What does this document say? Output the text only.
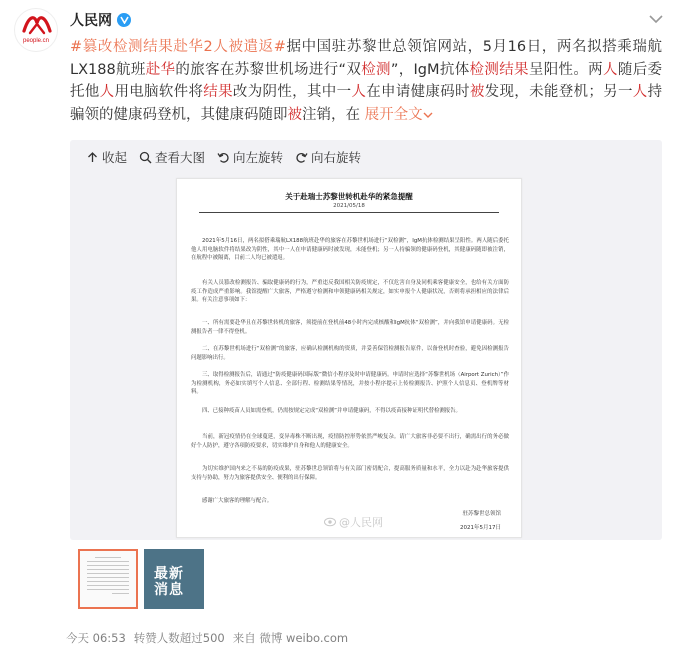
people.cn
人民网
#篡改检测结果赴华2人被遣返#据中国驻苏黎世总领馆网站，5月16日，两名拟搭乘瑞航LX188航班赴华的旅客在苏黎世机场进行“双检测”，IgM抗体检测结果呈阳性。两人随后委托他人用电脑软件将结果改为阴性，其中一人在申请健康码时被发现，未能登机；另一人持骗领的健康码登机，其健康码随即被注销，在 展开全文
收起 查看大图 向左旋转 向右旋转
关于赴瑞士苏黎世转机赴华的紧急提醒
2021/05/18

2021年5月16日，两名拟搭乘瑞航LX188航班赴华的旅客在苏黎世机场进行“双检测”，IgM抗体检测结果呈阳性。两人随后委托他人用电脑软件将结果改为阴性，其中一人在申请健康码时被发现，未能登机；另一人持骗领的健康码登机，其健康码随即被注销，在航程中被隔离，目前二人均已被遣返。

有关人员篡改检测报告、骗取健康码的行为，严重违反我国相关防疫规定，不仅危害自身及同机乘客健康安全，也给有关方面防疫工作造成严重影响。我馆提醒广大旅客，严格遵守检测和申领健康码相关规定，如实申报个人健康状况，否则将承担相应的法律后果。有关注意事项如下：

一、所有需要赴华且在苏黎世转机的旅客，须提前在登机前48小时内完成核酸和IgM抗体“双检测”，并向我馆申请健康码。无检测报告者一律不得登机。

二、在苏黎世机场进行“双检测”的旅客，应确认检测机构的资质，并妥善保管检测报告原件，以备登机时查验，避免因检测报告问题影响出行。

三、取得检测报告后，请通过“防疫健康码国际版”微信小程序及时申请健康码。申请时应选择“苏黎世机场（Airport Zurich）”作为检测机构，务必如实填写个人信息、全部行程、检测结果等情况，并按小程序提示上传检测报告、护照个人信息页、登机牌等材料。

四、已接种疫苗人员如需登机，仍需按规定完成“双检测”并申请健康码，不得以疫苗接种证明代替检测报告。

当前，新冠疫情仍在全球蔓延，变异毒株不断出现，疫情防控形势依然严峻复杂。请广大旅客非必要不出行，确需出行的务必做好个人防护，遵守各项防疫要求，切实维护自身和他人的健康安全。

为切实维护国内来之不易的防疫成果，驻苏黎世总领馆将与有关部门密切配合，提高服务质量和水平，全力以赴为赴华旅客提供支持与协助，努力为旅客提供安全、便利的出行保障。

感谢广大旅客的理解与配合。

驻苏黎世总领馆
2021年5月17日
@人民网
最新
消息
今天 06:53 转赞人数超过500 来自 微博 weibo.com
